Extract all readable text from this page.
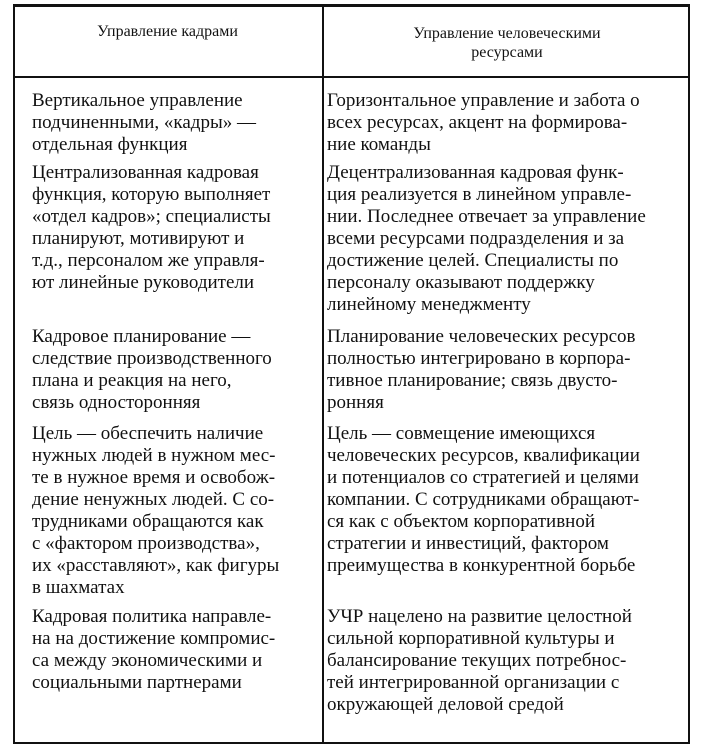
Управление кадрами	Управление человеческими
ресурсами
Вертикальное управление
подчиненными, «кадры» —
отдельная функция
Горизонтальное управление и забота о
всех ресурсах, акцент на формирова-
ние команды
Централизованная кадровая
функция, которую выполняет
«отдел кадров»; специалисты
планируют, мотивируют и
т.д., персоналом же управля-
ют линейные руководители
Децентрализованная кадровая функ-
ция реализуется в линейном управле-
нии. Последнее отвечает за управление
всеми ресурсами подразделения и за
достижение целей. Специалисты по
персоналу оказывают поддержку
линейному менеджменту
Кадровое планирование —
следствие производственного
плана и реакция на него,
связь односторонняя
Планирование человеческих ресурсов
полностью интегрировано в корпора-
тивное планирование; связь двусто-
ронняя
Цель — обеспечить наличие
нужных людей в нужном мес-
те в нужное время и освобож-
дение ненужных людей. С со-
трудниками обращаются как
с «фактором производства»,
их «расставляют», как фигуры
в шахматах
Цель — совмещение имеющихся
человеческих ресурсов, квалификации
и потенциалов со стратегией и целями
компании. С сотрудниками обращают-
ся как с объектом корпоративной
стратегии и инвестиций, фактором
преимущества в конкурентной борьбе
Кадровая политика направле-
на на достижение компромис-
са между экономическими и
социальными партнерами
УЧР нацелено на развитие целостной
сильной корпоративной культуры и
балансирование текущих потребнос-
тей интегрированной организации с
окружающей деловой средой
